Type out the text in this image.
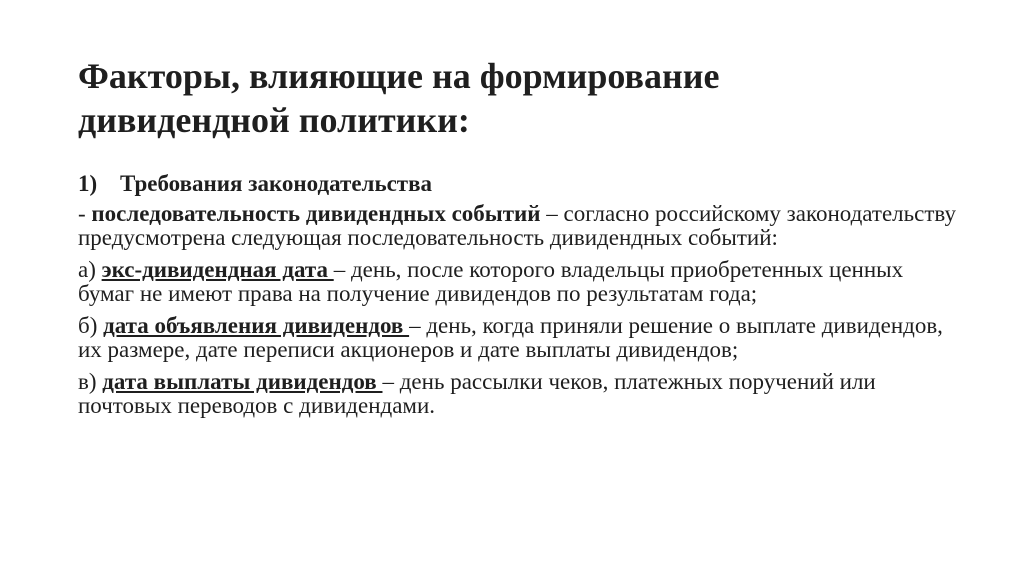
Факторы, влияющие на формирование
дивидендной политики:
1) Требования законодательства
- последовательность дивидендных событий – согласно российскому законодательству предусмотрена следующая последовательность дивидендных событий:
а) экс-дивидендная дата – день, после которого владельцы приобретенных ценных бумаг не имеют права на получение дивидендов по результатам года;
б) дата объявления дивидендов – день, когда приняли решение о выплате дивидендов, их размере, дате переписи акционеров и дате выплаты дивидендов;
в) дата выплаты дивидендов – день рассылки чеков, платежных поручений или почтовых переводов с дивидендами.
